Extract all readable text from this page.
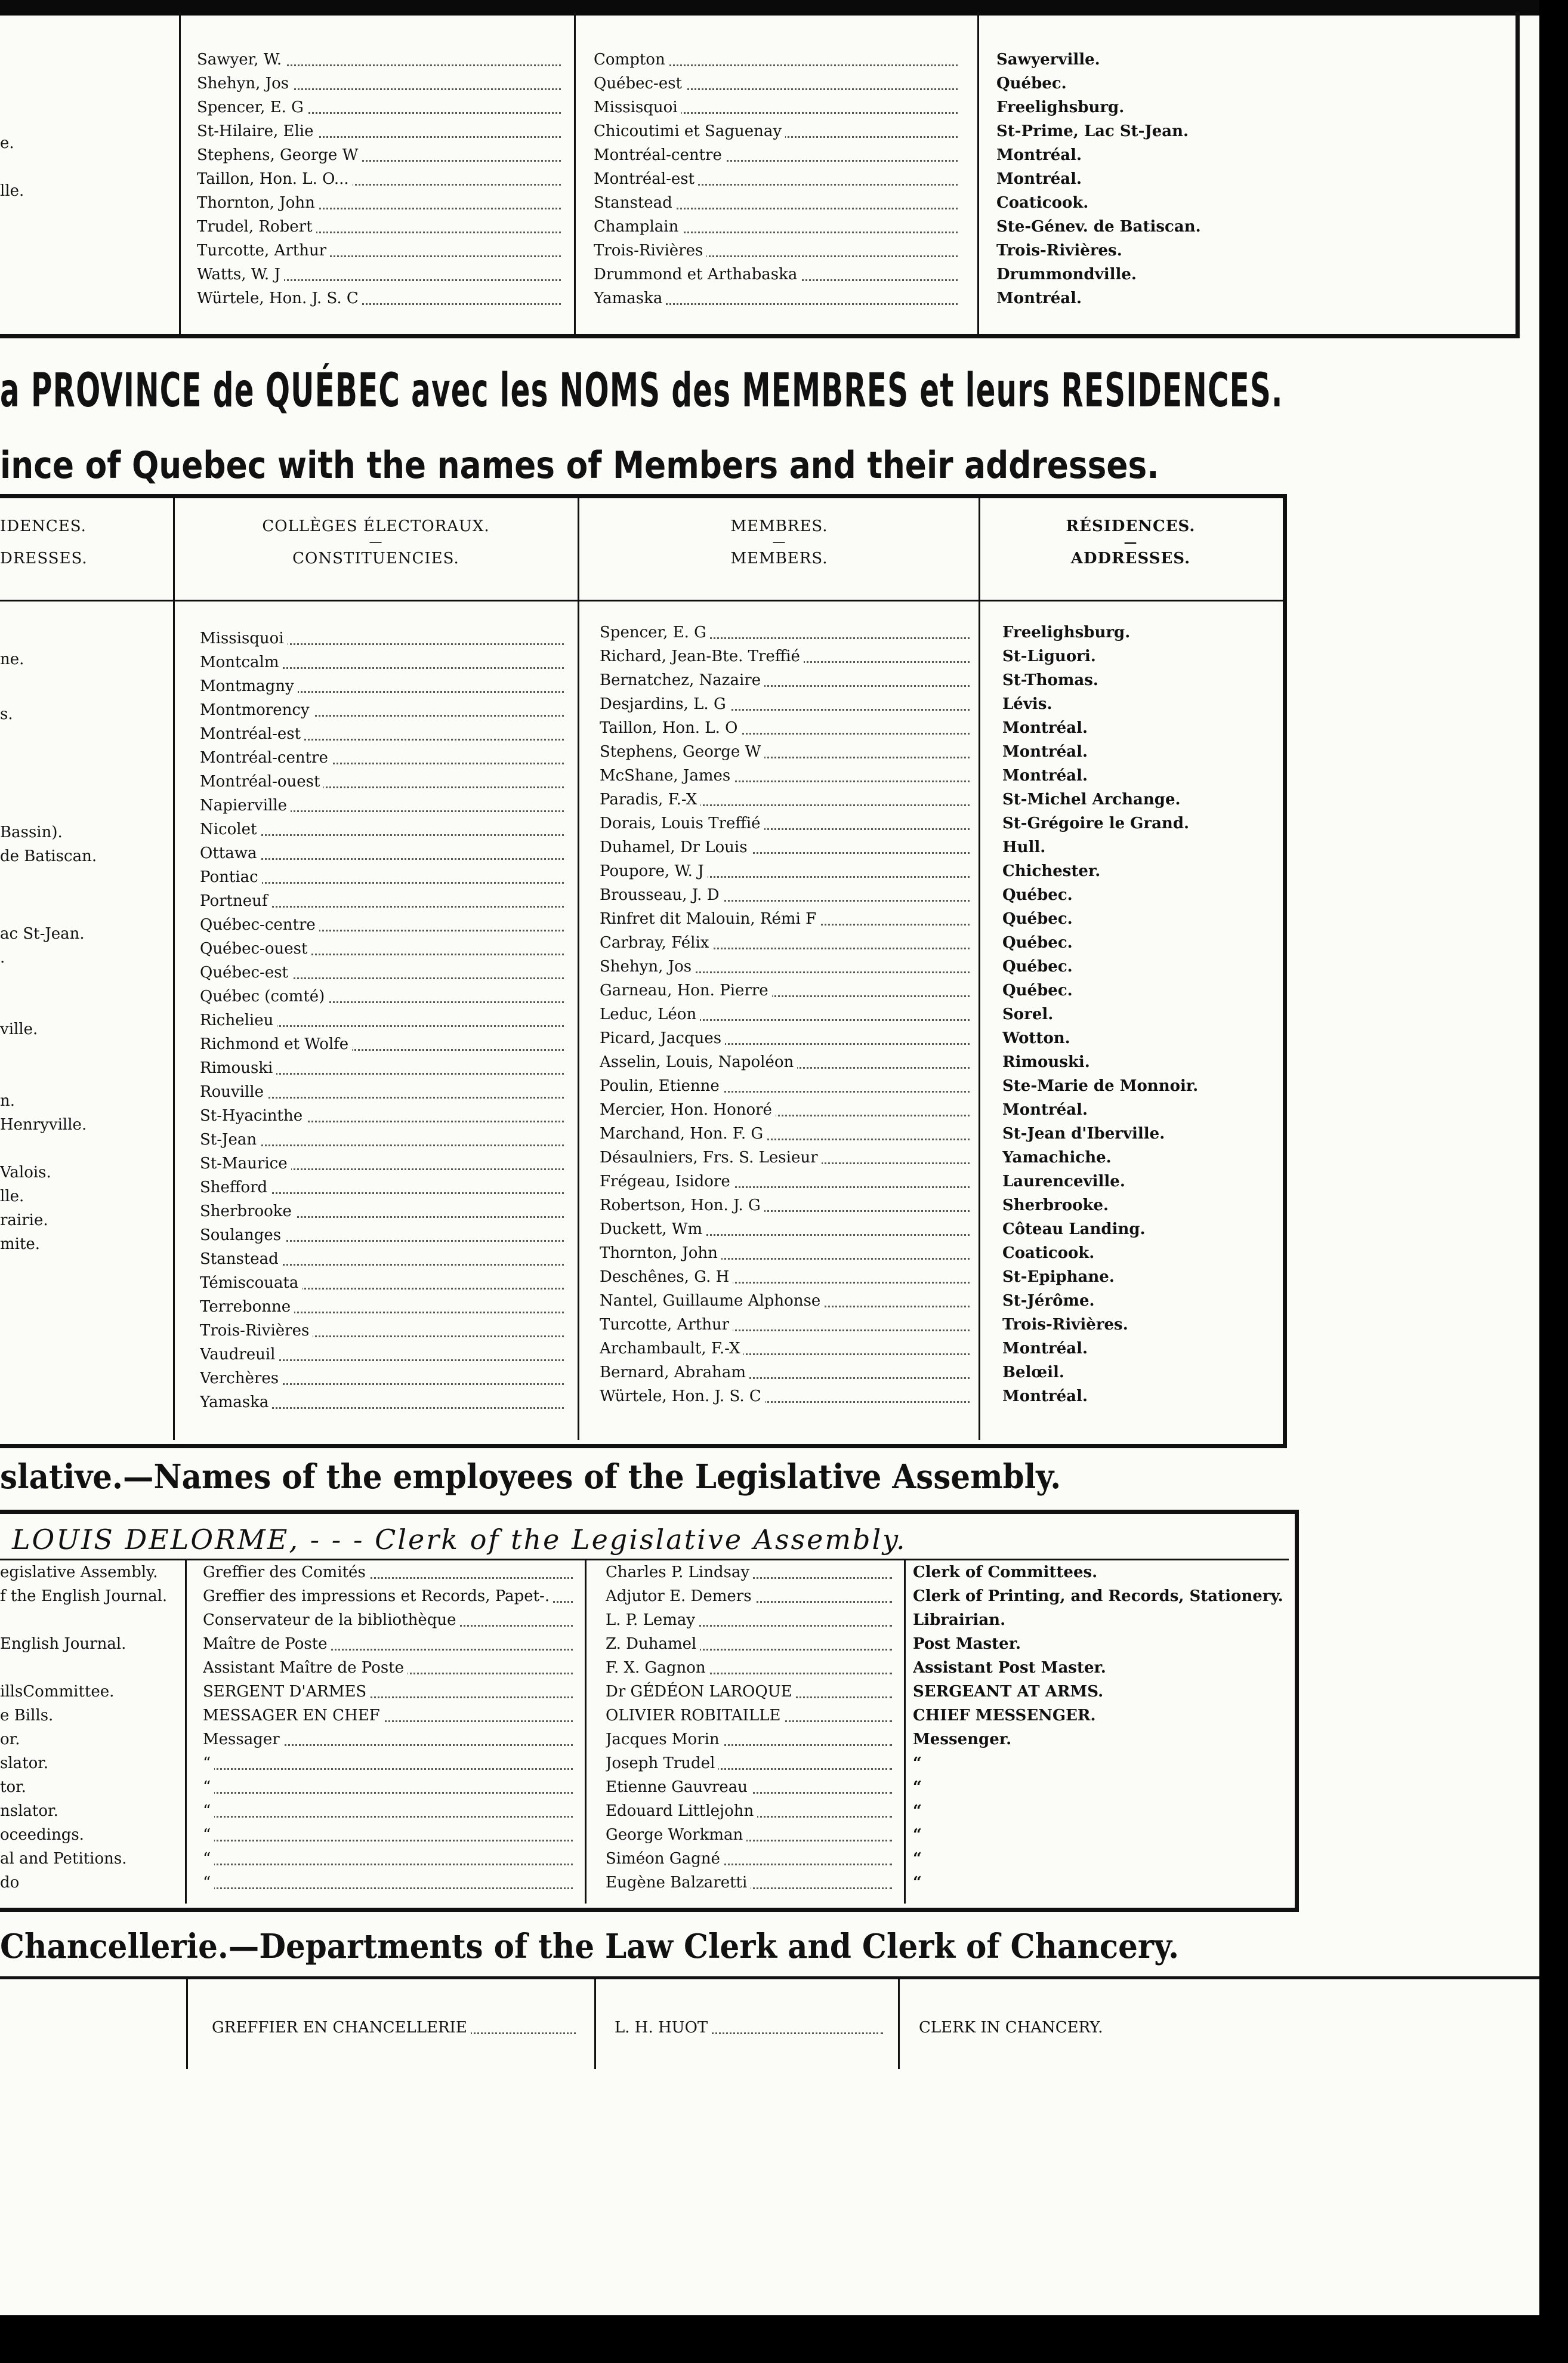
e.
lle.
Sawyer, W.
Shehyn, Jos
Spencer, E. G
St-Hilaire, Elie
Stephens, George W
Taillon, Hon. L. O...
Thornton, John
Trudel, Robert
Turcotte, Arthur
Watts, W. J
Würtele, Hon. J. S. C
Compton
Québec-est
Missisquoi
Chicoutimi et Saguenay
Montréal-centre
Montréal-est
Stanstead
Champlain
Trois-Rivières
Drummond et Arthabaska
Yamaska
Sawyerville.
Québec.
Freelighsburg.
St-Prime, Lac St-Jean.
Montréal.
Montréal.
Coaticook.
Ste-Génev. de Batiscan.
Trois-Rivières.
Drummondville.
Montréal.
a PROVINCE de QUÉBEC avec les NOMS des MEMBRES et leurs RESIDENCES.
ince of Quebec with the names of Members and their addresses.
IDENCES.

DRESSES.
COLLÈGES ÉLECTORAUX.
—
CONSTITUENCIES.
MEMBRES.
—
MEMBERS.
RÉSIDENCES.
—
ADDRESSES.
ne.
s.
Bassin).
de Batiscan.
ac St-Jean.
.
ville.
n.
Henryville.
Valois.
lle.
rairie.
mite.
Missisquoi
Montcalm
Montmagny
Montmorency
Montréal-est
Montréal-centre
Montréal-ouest
Napierville
Nicolet
Ottawa
Pontiac
Portneuf
Québec-centre
Québec-ouest
Québec-est
Québec (comté)
Richelieu
Richmond et Wolfe
Rimouski
Rouville
St-Hyacinthe
St-Jean
St-Maurice
Shefford
Sherbrooke
Soulanges
Stanstead
Témiscouata
Terrebonne
Trois-Rivières
Vaudreuil
Verchères
Yamaska
Spencer, E. G
Richard, Jean-Bte. Treffié
Bernatchez, Nazaire
Desjardins, L. G
Taillon, Hon. L. O
Stephens, George W
McShane, James
Paradis, F.-X
Dorais, Louis Treffié
Duhamel, Dr Louis
Poupore, W. J
Brousseau, J. D
Rinfret dit Malouin, Rémi F
Carbray, Félix
Shehyn, Jos
Garneau, Hon. Pierre
Leduc, Léon
Picard, Jacques
Asselin, Louis, Napoléon
Poulin, Etienne
Mercier, Hon. Honoré
Marchand, Hon. F. G
Désaulniers, Frs. S. Lesieur
Frégeau, Isidore
Robertson, Hon. J. G
Duckett, Wm
Thornton, John
Deschênes, G. H
Nantel, Guillaume Alphonse
Turcotte, Arthur
Archambault, F.-X
Bernard, Abraham
Würtele, Hon. J. S. C
Freelighsburg.
St-Liguori.
St-Thomas.
Lévis.
Montréal.
Montréal.
Montréal.
St-Michel Archange.
St-Grégoire le Grand.
Hull.
Chichester.
Québec.
Québec.
Québec.
Québec.
Québec.
Sorel.
Wotton.
Rimouski.
Ste-Marie de Monnoir.
Montréal.
St-Jean d'Iberville.
Yamachiche.
Laurenceville.
Sherbrooke.
Côteau Landing.
Coaticook.
St-Epiphane.
St-Jérôme.
Trois-Rivières.
Montréal.
Belœil.
Montréal.
slative.—Names of the employees of the Legislative Assembly.
LOUIS DELORME, - - - Clerk of the Legislative Assembly.
egislative Assembly.
f the English Journal.
English Journal.
illsCommittee.
e Bills.
or.
slator.
tor.
nslator.
oceedings.
al and Petitions.
do
Greffier des Comités
Greffier des impressions et Records, Papet-.
Conservateur de la bibliothèque
Maître de Poste
Assistant Maître de Poste
SERGENT D'ARMES
MESSAGER EN CHEF
Messager
“
“
“
“
“
“
Charles P. Lindsay
Adjutor E. Demers
L. P. Lemay
Z. Duhamel
F. X. Gagnon
Dr GÉDÉON LAROQUE
OLIVIER ROBITAILLE
Jacques Morin
Joseph Trudel
Etienne Gauvreau
Edouard Littlejohn
George Workman
Siméon Gagné
Eugène Balzaretti
Clerk of Committees.
Clerk of Printing, and Records, Stationery.
Librairian.
Post Master.
Assistant Post Master.
SERGEANT AT ARMS.
CHIEF MESSENGER.
Messenger.
“
“
“
“
“
“
Chancellerie.—Departments of the Law Clerk and Clerk of Chancery.
GREFFIER EN CHANCELLERIE	L. H. HUOT	CLERK IN CHANCERY.
